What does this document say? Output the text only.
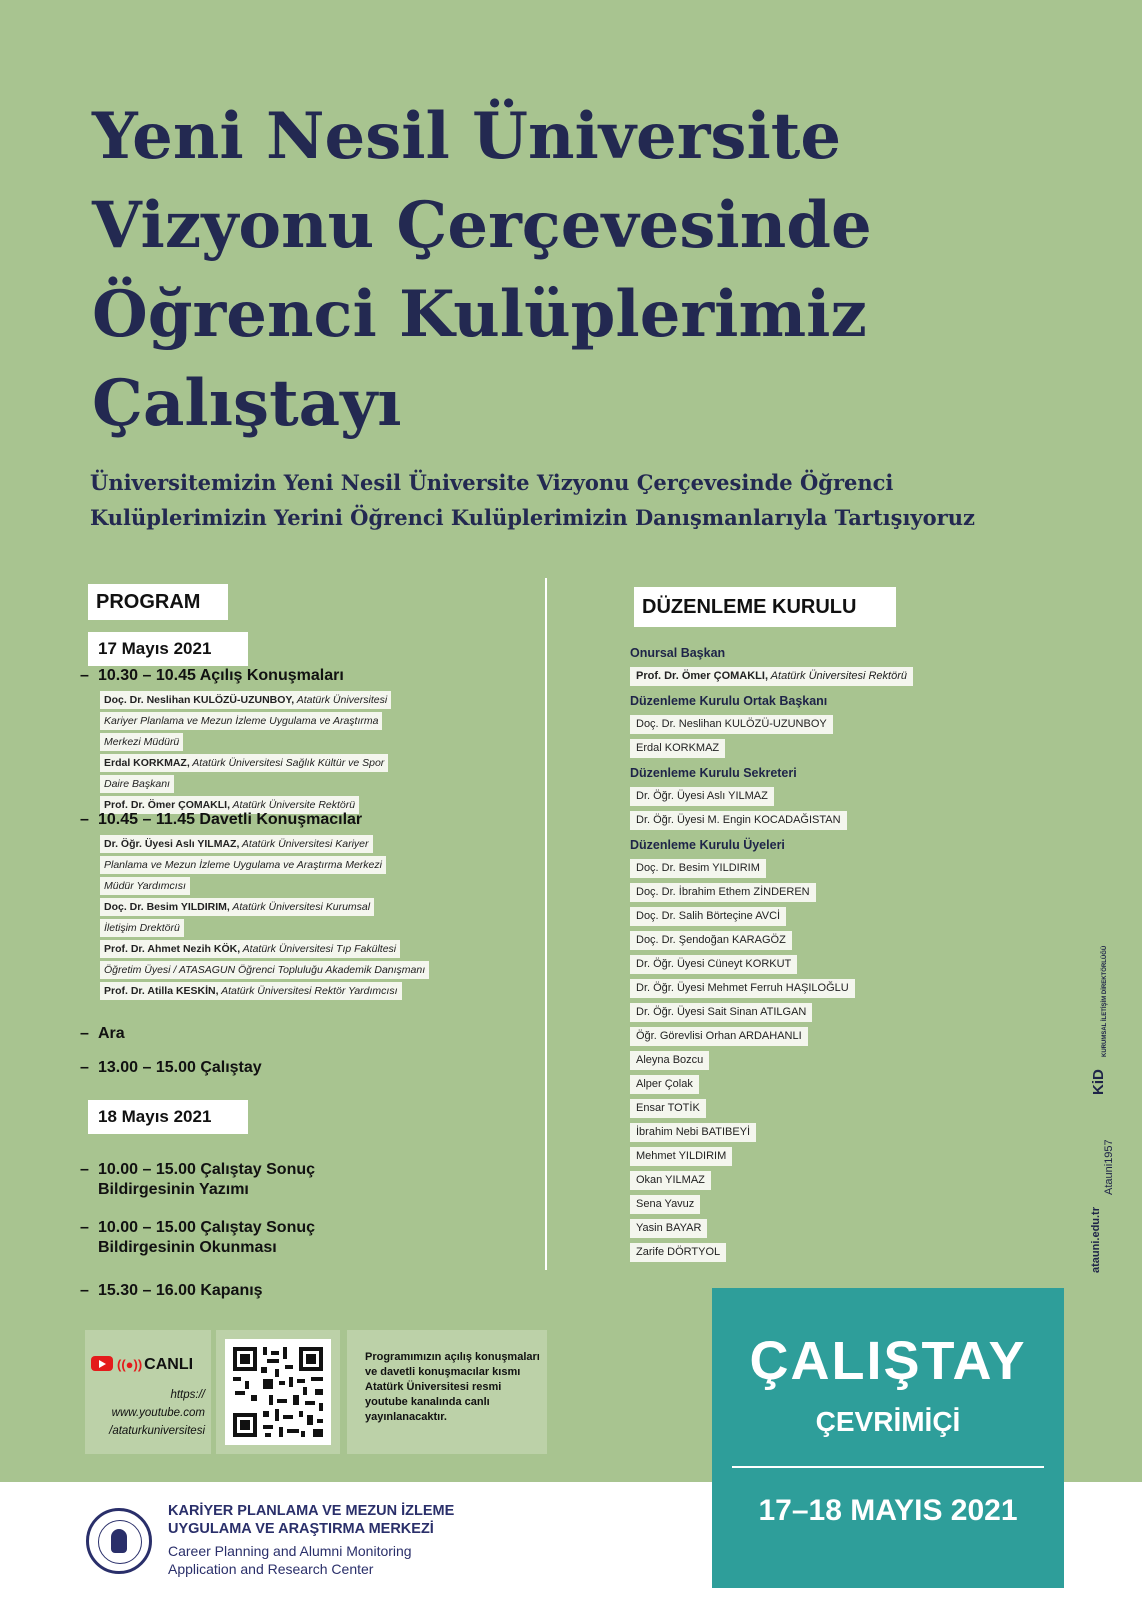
Yeni Nesil Üniversite
Vizyonu Çerçevesinde
Öğrenci Kulüplerimiz
Çalıştayı
Üniversitemizin Yeni Nesil Üniversite Vizyonu Çerçevesinde Öğrenci
Kulüplerimizin Yerini Öğrenci Kulüplerimizin Danışmanlarıyla Tartışıyoruz
PROGRAM
17 Mayıs 2021
– 10.30 – 10.45 Açılış Konuşmaları
Doç. Dr. Neslihan KULÖZÜ-UZUNBOY, Atatürk Üniversitesi
Kariyer Planlama ve Mezun İzleme Uygulama ve Araştırma
Merkezi Müdürü
Erdal KORKMAZ, Atatürk Üniversitesi Sağlık Kültür ve Spor
Daire Başkanı
Prof. Dr. Ömer ÇOMAKLI, Atatürk Üniversite Rektörü
– 10.45 – 11.45 Davetli Konuşmacılar
Dr. Öğr. Üyesi Aslı YILMAZ, Atatürk Üniversitesi Kariyer
Planlama ve Mezun İzleme Uygulama ve Araştırma Merkezi
Müdür Yardımcısı
Doç. Dr. Besim YILDIRIM, Atatürk Üniversitesi Kurumsal
İletişim Drektörü
Prof. Dr. Ahmet Nezih KÖK, Atatürk Üniversitesi Tıp Fakültesi
Öğretim Üyesi / ATASAGUN Öğrenci Topluluğu Akademik Danışmanı
Prof. Dr. Atilla KESKİN, Atatürk Üniversitesi Rektör Yardımcısı
– Ara
– 13.00 – 15.00 Çalıştay
18 Mayıs 2021
– 10.00 – 15.00 Çalıştay Sonuç
Bildirgesinin Yazımı
– 10.00 – 15.00 Çalıştay Sonuç
Bildirgesinin Okunması
– 15.30 – 16.00 Kapanış
DÜZENLEME KURULU
Onursal Başkan
Prof. Dr. Ömer ÇOMAKLI, Atatürk Üniversitesi Rektörü
Düzenleme Kurulu Ortak Başkanı
Doç. Dr. Neslihan KULÖZÜ-UZUNBOY
Erdal KORKMAZ
Düzenleme Kurulu Sekreteri
Dr. Öğr. Üyesi Aslı YILMAZ
Dr. Öğr. Üyesi M. Engin KOCADAĞISTAN
Düzenleme Kurulu Üyeleri
Doç. Dr. Besim YILDIRIM
Doç. Dr. İbrahim Ethem ZİNDEREN
Doç. Dr. Salih Börteçine AVCİ
Doç. Dr. Şendoğan KARAGÖZ
Dr. Öğr. Üyesi Cüneyt KORKUT
Dr. Öğr. Üyesi Mehmet Ferruh HAŞILOĞLU
Dr. Öğr. Üyesi Sait Sinan ATILGAN
Öğr. Görevlisi Orhan ARDAHANLI
Aleyna Bozcu
Alper Çolak
Ensar TOTİK
İbrahim Nebi BATIBEYİ
Mehmet YILDIRIM
Okan YILMAZ
Sena Yavuz
Yasin BAYAR
Zarife DÖRTYOL
KiD
KURUMSAL İLETİŞİM DİREKTÖRLÜĞÜ
atauni.edu.tr
Atauni1957
((●)) CANLI
https://
www.youtube.com
/ataturkuniversitesi
Programımızın açılış konuşmaları ve davetli konuşmacılar kısmı Atatürk Üniversitesi resmi youtube kanalında canlı yayınlanacaktır.
ÇALIŞTAY
ÇEVRİMİÇİ
17–18 MAYIS 2021
KARİYER PLANLAMA VE MEZUN İZLEME
UYGULAMA VE ARAŞTIRMA MERKEZİ
Career Planning and Alumni Monitoring
Application and Research Center
